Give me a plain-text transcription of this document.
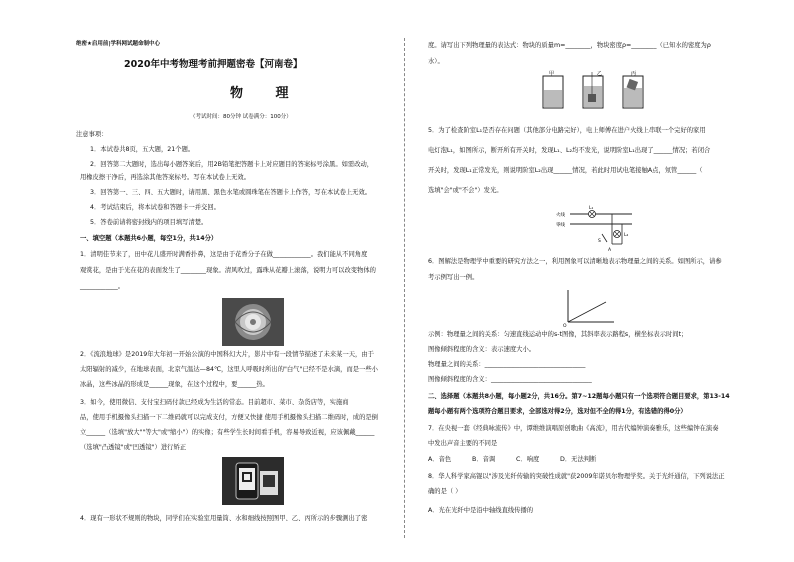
绝密★启用前|学科网试题命制中心
2020年中考物理考前押题密卷【河南卷】
物 理
（考试时间：80分钟 试卷满分：100分）
注意事项：
1．本试卷共8页，五大题，21个题。
2．回答第二大题时，选出每小题答案后，用2B铅笔把答题卡上对应题目的答案标号涂黑。如需改动，
用橡皮擦干净后，再选涂其他答案标号。写在本试卷上无效。
3．回答第一、三、四、五大题时，请用黑、黑色水笔或圆珠笔在答题卡上作答，写在本试卷上无效。
4．考试结束后，将本试卷和答题卡一并交回。
5．答卷前请将密封线内的项目填写清楚。
一、填空题（本题共6小题，每空1分，共14分）
1．清明佳节来了，田中花儿盛开时满香扑鼻，这是由于花香分子在做____________。我们能从不同角度
观赏花，是由于光在花的表面发生了________现象。清风吹过，露珠从花瓣上滚落，说明力可以改变物体的
____________。
2．《流浪地球》是2019年大年初一开始公演的中国科幻大片，影片中有一段情节描述了未来某一天，由于
太阳辐射的减少，在地球表面，北京气温达—84℃，这里人呼吸时所出的"白气"已经不是水滴，而是一些小
冰晶，这些冰晶的形成是______现象，在这个过程中，要______热。
3．如今，使用微信、支付宝扫码付款已经成为生活的常态。目前超市、菜市、杂货店等，实施商
品，使用手机摄像头扫描一下二维码就可以完成支付，方便又快捷 使用手机摄像头扫描二维码时，成的是倒
立______（选填"放大""等大"或"缩小"）的实像；有些学生长时间看手机，容易导致近视，应该佩戴______
（选填"凸透镜"或"凹透镜"）进行矫正
4．现有一形状不规则的物块，同学们在实验室用量筒、水和细线按照图甲、乙、丙所示的步骤测出了密
度。请写出下列物理量的表达式：物块的质量m=________，物块密度ρ=________（已知水的密度为ρ
水）。
5．为了检查阶室L₁是否存在问题（其他部分电路完好），电上师傅在进户火线上串联一个完好的家用
电灯泡L₁，如图所示，断开所有开关时，发现L₁、L₂均不发光，说明阶室L₁出现了______情况；若闭合
开关时，发现L₁正常发光，则说明阶室L₂出现______情况，若此时用试电笔接触A点，氖管______（
选填"会"或"不会"）发光。
6．图解法是物理学中重要的研究方法之一，利用图象可以清晰地表示物理量之间的关系。如图所示，请参
考示例写出一例。
示例：物理量之间的关系：匀速直线运动中的s-t图像，其斜率表示路程s，横坐标表示时间t；
图像倾斜程度的含义：表示速度大小。
物理量之间的关系：________________________________
图像倾斜程度的含义：________________________________
二、选择题（本题共8小题，每小题2分，共16分。第7~12题每小题只有一个选项符合题目要求，第13-14
题每小题有两个选项符合题目要求，全部选对得2分，选对但不全的得1分，有选错的得0分）
7．在央视一套《经典咏流传》中，谭维维演唱原创歌曲《高流》，用古代编钟演奏雅乐，这些编钟在演奏
中发出声音主要的不同是
A．音色	B．音调	C．响度	D．无法判断
8．华人科学家高锟以"涉及光纤传输的突破性成就"获2009年诺贝尔物理学奖。关于光纤通信，下列说法正
确的是（ ）
A．光在光纤中是沿中轴线直线传播的
甲	乙	丙
火线
零线
L₁
L₂
S
A
O
